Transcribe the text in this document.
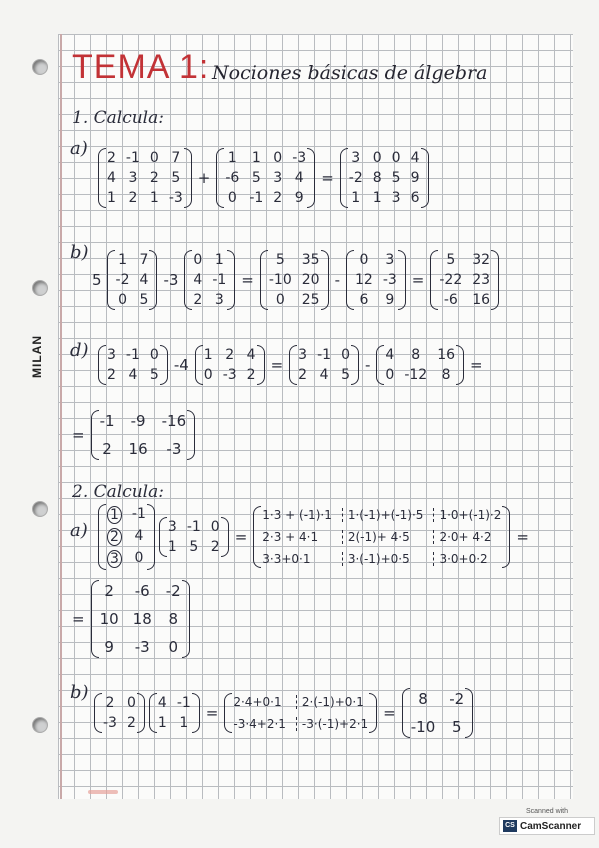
MILAN
TEMA 1: Nociones básicas de álgebra
1. Calcula:
a) 2 -1 0 7
4 3 2 5
1 2 1 -3
+
1 1 0 -3
-6 5 3 4
0 -1 2 9
=
3 0 0 4
-2 8 5 9
1 1 3 6
b)
5
1 7
-2 4
0 5
-3
0 1
4 -1
2 3
=
5	35
-10 20
0	25
-
0	3
12 -3
6	9
=
5	32
-22 23
-6	16
d) 3 -1 0
2 4 5
-4
1 2 4
0 -3 2
=
3 -1 0
2 4 5
-
4	8	16
0 -12	8
=
=
-1 -9 -16
2 16	-3
2. Calcula:
a)
1 -1
2 4
3 0
3 -1 0
1 5 2
=
1·3 + (-1)·1	1·(-1)+(-1)·5	1·0+(-1)·2
2·3 + 4·1	2(-1)+ 4·5	2·0+ 4·2
3·3+0·1	3·(-1)+0·5	3·0+0·2
=
=
2	-6 -2
10 18 8
9	-3 0
b) 2 0
-3 2
4 -1
1 1
=
2·4+0·1	2·(-1)+0·1
-3·4+2·1	-3·(-1)+2·1
=
8	-2
-10 5
Scanned with
CS CamScanner
